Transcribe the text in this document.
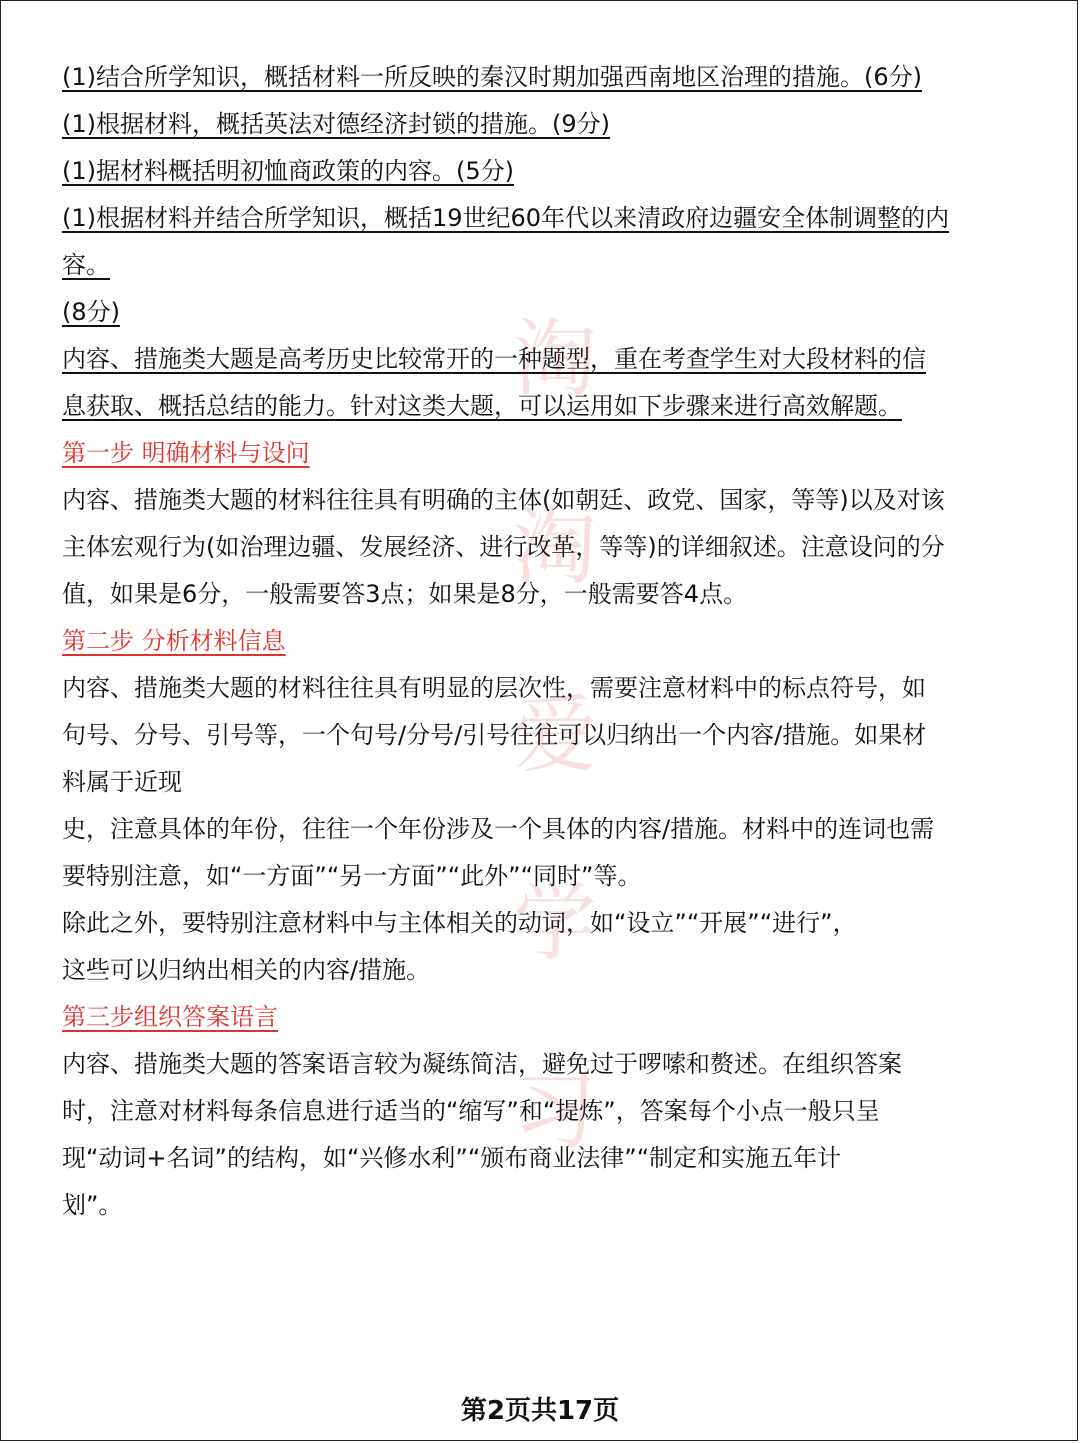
淘淘爱学习

(1)结合所学知识，概括材料一所反映的秦汉时期加强西南地区治理的措施。(6分)

(1)根据材料，概括英法对德经济封锁的措施。(9分)

(1)据材料概括明初恤商政策的内容。(5分)

(1)根据材料并结合所学知识，概括19世纪60年代以来清政府边疆安全体制调整的内

容。

(8分)

内容、措施类大题是高考历史比较常开的一种题型，重在考查学生对大段材料的信

息获取、概括总结的能力。针对这类大题，可以运用如下步骤来进行高效解题。

第一步 明确材料与设问

内容、措施类大题的材料往往具有明确的主体(如朝廷、政党、国家，等等)以及对该

主体宏观行为(如治理边疆、发展经济、进行改革，等等)的详细叙述。注意设问的分

值，如果是6分，一般需要答3点；如果是8分，一般需要答4点。

第二步 分析材料信息

内容、措施类大题的材料往往具有明显的层次性，需要注意材料中的标点符号，如

句号、分号、引号等，一个句号/分号/引号往往可以归纳出一个内容/措施。如果材

料属于近现

史，注意具体的年份，往往一个年份涉及一个具体的内容/措施。材料中的连词也需

要特别注意，如“一方面”“另一方面”“此外”“同时”等。

除此之外，要特别注意材料中与主体相关的动词，如“设立”“开展”“进行”，

这些可以归纳出相关的内容/措施。

第三步组织答案语言

内容、措施类大题的答案语言较为凝练简洁，避免过于啰嗦和赘述。在组织答案

时，注意对材料每条信息进行适当的“缩写”和“提炼”，答案每个小点一般只呈

现“动词+名词”的结构，如“兴修水利”“颁布商业法律”“制定和实施五年计

划”。

第2页共17页
